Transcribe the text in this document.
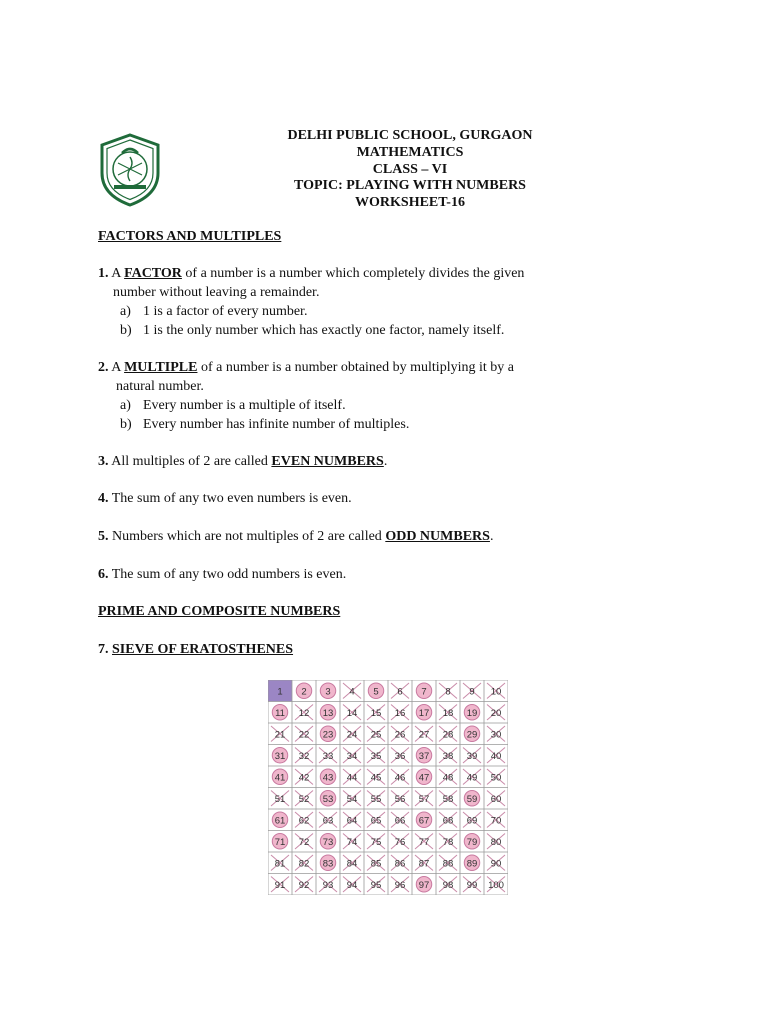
DELHI PUBLIC SCHOOL, GURGAON
MATHEMATICS
CLASS – VI
TOPIC: PLAYING WITH NUMBERS
WORKSHEET-16
FACTORS AND MULTIPLES
1. A FACTOR of a number is a number which completely divides the given
number without leaving a remainder.
a) 1 is a factor of every number.
b) 1 is the only number which has exactly one factor, namely itself.
2. A MULTIPLE of a number is a number obtained by multiplying it by a
natural number.
a) Every number is a multiple of itself.
b) Every number has infinite number of multiples.
3. All multiples of 2 are called EVEN NUMBERS.
4. The sum of any two even numbers is even.
5. Numbers which are not multiples of 2 are called ODD NUMBERS.
6. The sum of any two odd numbers is even.
PRIME AND COMPOSITE NUMBERS
7. SIEVE OF ERATOSTHENES
1 2 3 4 5 6 7 8 9 10
11 12 13 14 15 16 17 18 19 20
21 22 23 24 25 26 27 28 29 30
31 32 33 34 35 36 37 38 39 40
41 42 43 44 45 46 47 48 49 50
51 52 53 54 55 56 57 58 59 60
61 62 63 64 65 66 67 68 69 70
71 72 73 74 75 76 77 78 79 80
81 82 83 84 85 86 87 88 89 90
91 92 93 94 95 96 97 98 99 100
